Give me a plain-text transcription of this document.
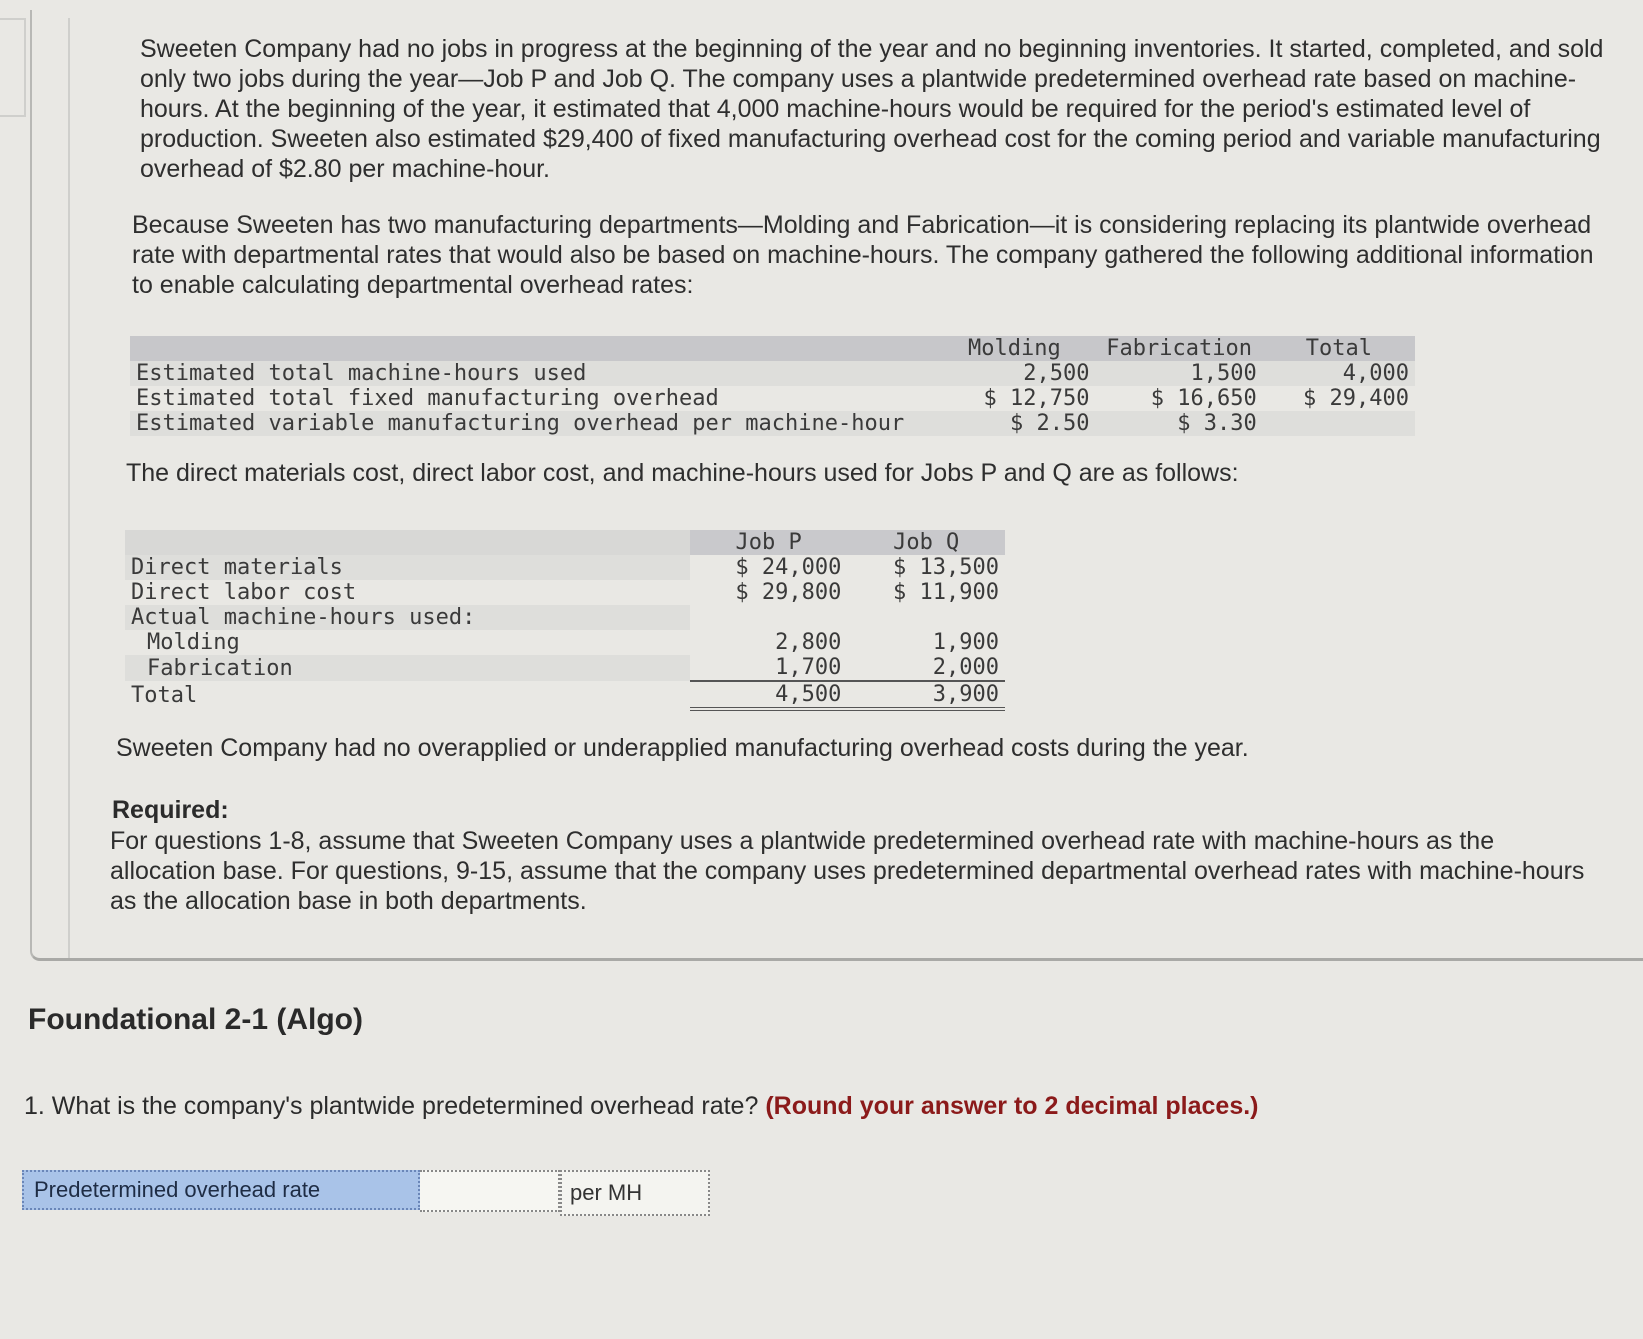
Sweeten Company had no jobs in progress at the beginning of the year and no beginning inventories. It started, completed, and sold only two jobs during the year—Job P and Job Q. The company uses a plantwide predetermined overhead rate based on machine-hours. At the beginning of the year, it estimated that 4,000 machine-hours would be required for the period's estimated level of production. Sweeten also estimated $29,400 of fixed manufacturing overhead cost for the coming period and variable manufacturing overhead of $2.80 per machine-hour.
Because Sweeten has two manufacturing departments—Molding and Fabrication—it is considering replacing its plantwide overhead rate with departmental rates that would also be based on machine-hours. The company gathered the following additional information to enable calculating departmental overhead rates:
	Molding	Fabrication	Total
Estimated total machine-hours used	2,500	1,500	4,000
Estimated total fixed manufacturing overhead	$ 12,750	$ 16,650	$ 29,400
Estimated variable manufacturing overhead per machine-hour	$ 2.50	$ 3.30	
The direct materials cost, direct labor cost, and machine-hours used for Jobs P and Q are as follows:
	Job P	Job Q
Direct materials	$ 24,000	$ 13,500
Direct labor cost	$ 29,800	$ 11,900
Actual machine-hours used:		
Molding	2,800	1,900
Fabrication	1,700	2,000
Total	4,500	3,900
Sweeten Company had no overapplied or underapplied manufacturing overhead costs during the year.
Required:
For questions 1-8, assume that Sweeten Company uses a plantwide predetermined overhead rate with machine-hours as the allocation base. For questions, 9-15, assume that the company uses predetermined departmental overhead rates with machine-hours as the allocation base in both departments.
Foundational 2-1 (Algo)
1. What is the company's plantwide predetermined overhead rate? (Round your answer to 2 decimal places.)
Predetermined overhead rate	per MH
